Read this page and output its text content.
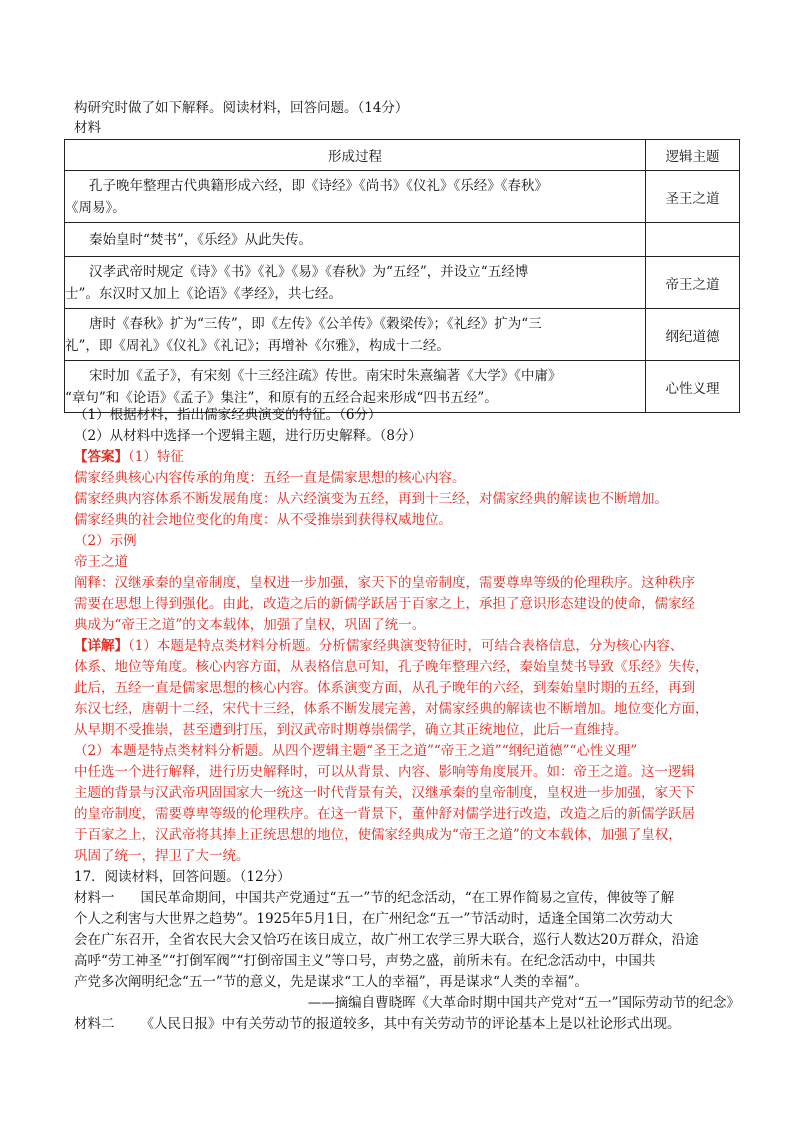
构研究时做了如下解释。阅读材料，回答问题。（14分）
材料
形成过程	逻辑主题

孔子晚年整理古代典籍形成六经，即《诗经》《尚书》《仪礼》《乐经》《春秋》
《周易》。	圣王之道

秦始皇时“焚书”，《乐经》从此失传。	

汉孝武帝时规定《诗》《书》《礼》《易》《春秋》为“五经”，并设立“五经博
士”。东汉时又加上《论语》《孝经》，共七经。	帝王之道

唐时《春秋》扩为“三传”，即《左传》《公羊传》《穀梁传》；《礼经》扩为“三
礼”，即《周礼》《仪礼》《礼记》；再增补《尔雅》，构成十二经。	纲纪道德

宋时加《孟子》，有宋刻《十三经注疏》传世。南宋时朱熹编著《大学》《中庸》
“章句”和《论语》《孟子》集注”，和原有的五经合起来形成“四书五经”。	心性义理
（1）根据材料，指出儒家经典演变的特征。（6分）
（2）从材料中选择一个逻辑主题，进行历史解释。（8分）
【答案】（1）特征
儒家经典核心内容传承的角度：五经一直是儒家思想的核心内容。
儒家经典内容体系不断发展角度：从六经演变为五经，再到十三经，对儒家经典的解读也不断增加。
儒家经典的社会地位变化的角度：从不受推崇到获得权威地位。
（2）示例
帝王之道
阐释：汉继承秦的皇帝制度，皇权进一步加强，家天下的皇帝制度，需要尊卑等级的伦理秩序。这种秩序
需要在思想上得到强化。由此，改造之后的新儒学跃居于百家之上，承担了意识形态建设的使命，儒家经
典成为“帝王之道”的文本载体，加强了皇权，巩固了统一。
【详解】（1）本题是特点类材料分析题。分析儒家经典演变特征时，可结合表格信息，分为核心内容、
体系、地位等角度。核心内容方面，从表格信息可知，孔子晚年整理六经，秦始皇焚书导致《乐经》失传，
此后，五经一直是儒家思想的核心内容。体系演变方面，从孔子晚年的六经，到秦始皇时期的五经，再到
东汉七经，唐朝十二经，宋代十三经，体系不断发展完善，对儒家经典的解读也不断增加。地位变化方面，
从早期不受推崇，甚至遭到打压，到汉武帝时期尊崇儒学，确立其正统地位，此后一直维持。
（2）本题是特点类材料分析题。从四个逻辑主题“圣王之道”“帝王之道”“纲纪道德”“心性义理”
中任选一个进行解释，进行历史解释时，可以从背景、内容、影响等角度展开。如：帝王之道。这一逻辑
主题的背景与汉武帝巩固国家大一统这一时代背景有关，汉继承秦的皇帝制度，皇权进一步加强，家天下
的皇帝制度，需要尊卑等级的伦理秩序。在这一背景下，董仲舒对儒学进行改造，改造之后的新儒学跃居
于百家之上，汉武帝将其捧上正统思想的地位，使儒家经典成为“帝王之道”的文本载体，加强了皇权，
巩固了统一，捍卫了大一统。
17．阅读材料，回答问题。（12分）
材料一 国民革命期间，中国共产党通过“五一”节的纪念活动，“在工界作简易之宣传，俾彼等了解
个人之利害与大世界之趋势”。1925年5月1日，在广州纪念“五一”节活动时，适逢全国第二次劳动大
会在广东召开，全省农民大会又恰巧在该日成立，故广州工农学三界大联合，巡行人数达20万群众，沿途
高呼“劳工神圣”“打倒军阀”“打倒帝国主义”等口号，声势之盛，前所未有。在纪念活动中，中国共
产党多次阐明纪念“五一”节的意义，先是谋求“工人的幸福”，再是谋求“人类的幸福”。
——摘编自曹晓晖《大革命时期中国共产党对“五一”国际劳动节的纪念》
材料二 《人民日报》中有关劳动节的报道较多，其中有关劳动节的评论基本上是以社论形式出现。
